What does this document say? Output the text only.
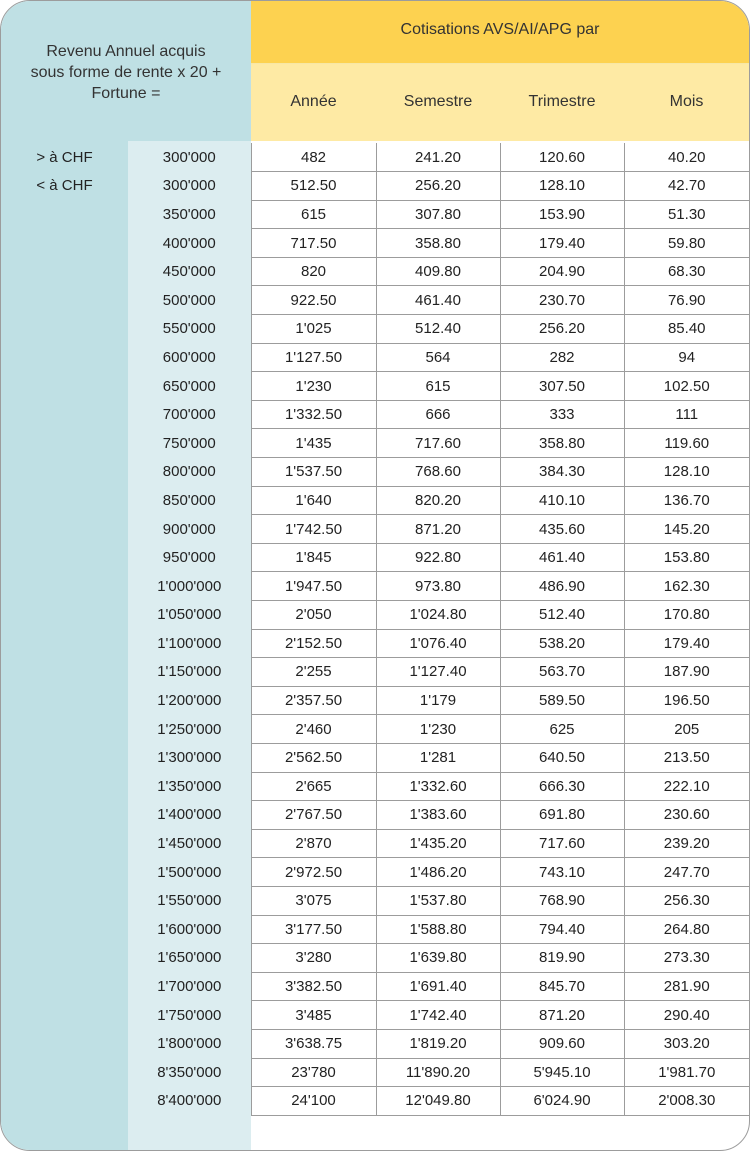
Revenu Annuel acquis
sous forme de rente x 20 +
Fortune =
Cotisations AVS/AI/APG par
Année	Semestre	Trimestre	Mois
> à CHF	300'000	482	241.20	120.60	40.20
< à CHF	300'000	512.50	256.20	128.10	42.70
	350'000	615	307.80	153.90	51.30
	400'000	717.50	358.80	179.40	59.80
	450'000	820	409.80	204.90	68.30
	500'000	922.50	461.40	230.70	76.90
	550'000	1'025	512.40	256.20	85.40
	600'000	1'127.50	564	282	94
	650'000	1'230	615	307.50	102.50
	700'000	1'332.50	666	333	111
	750'000	1'435	717.60	358.80	119.60
	800'000	1'537.50	768.60	384.30	128.10
	850'000	1'640	820.20	410.10	136.70
	900'000	1'742.50	871.20	435.60	145.20
	950'000	1'845	922.80	461.40	153.80
	1'000'000	1'947.50	973.80	486.90	162.30
	1'050'000	2'050	1'024.80	512.40	170.80
	1'100'000	2'152.50	1'076.40	538.20	179.40
	1'150'000	2'255	1'127.40	563.70	187.90
	1'200'000	2'357.50	1'179	589.50	196.50
	1'250'000	2'460	1'230	625	205
	1'300'000	2'562.50	1'281	640.50	213.50
	1'350'000	2'665	1'332.60	666.30	222.10
	1'400'000	2'767.50	1'383.60	691.80	230.60
	1'450'000	2'870	1'435.20	717.60	239.20
	1'500'000	2'972.50	1'486.20	743.10	247.70
	1'550'000	3'075	1'537.80	768.90	256.30
	1'600'000	3'177.50	1'588.80	794.40	264.80
	1'650'000	3'280	1'639.80	819.90	273.30
	1'700'000	3'382.50	1'691.40	845.70	281.90
	1'750'000	3'485	1'742.40	871.20	290.40
	1'800'000	3'638.75	1'819.20	909.60	303.20
	8'350'000	23'780	11'890.20	5'945.10	1'981.70
	8'400'000	24'100	12'049.80	6'024.90	2'008.30
